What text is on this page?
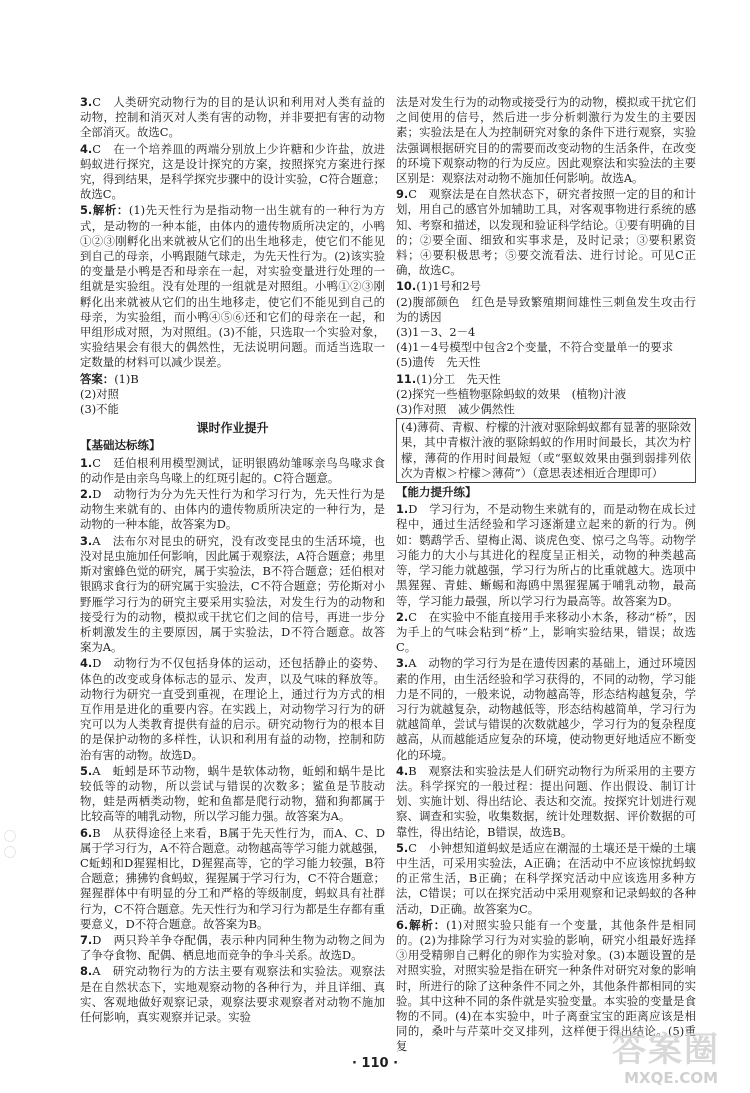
3.C　人类研究动物行为的目的是认识和利用对人类有益的动物，控制和消灭对人类有害的动物，并非要把有害的动物全部消灭。故选C。
4.C　在一个培养皿的两端分别放上少许糖和少许盐，放进蚂蚁进行探究，这是设计探究的方案，按照探究方案进行探究，得到结果，是科学探究步骤中的设计实验，C符合题意；故选C。
5.解析：(1)先天性行为是指动物一出生就有的一种行为方式，是动物的一种本能，由体内的遗传物质所决定的，小鸭①②③刚孵化出来就被从它们的出生地移走，使它们不能见到自己的母亲，小鸭跟随气球走，为先天性行为。(2)该实验的变量是小鸭是否和母亲在一起，对实验变量进行处理的一组就是实验组。没有处理的一组就是对照组。小鸭①②③刚孵化出来就被从它们的出生地移走，使它们不能见到自己的母亲，为实验组，而小鸭④⑤⑥还和它们的母亲在一起，和甲组形成对照，为对照组。(3)不能，只选取一个实验对象，实验结果会有很大的偶然性，无法说明问题。而适当选取一定数量的材料可以减少误差。
答案：(1)B

(2)对照

(3)不能

课时作业提升
【基础达标练】
1.C　廷伯根利用模型测试，证明银鸥幼雏啄亲鸟鸟喙求食的动作是由亲鸟鸟喙上的红斑引起的。C符合题意。
2.D　动物行为分为先天性行为和学习行为，先天性行为是动物生来就有的、由体内的遗传物质所决定的一种行为，是动物的一种本能，故答案为D。
3.A　法布尔对昆虫的研究，没有改变昆虫的生活环境，也没对昆虫施加任何影响，因此属于观察法，A符合题意；弗里斯对蜜蜂色觉的研究，属于实验法，B不符合题意；廷伯根对银鸥求食行为的研究属于实验法，C不符合题意；劳伦斯对小野雁学习行为的研究主要采用实验法，对发生行为的动物和接受行为的动物，模拟或干扰它们之间的信号，再进一步分析刺激发生的主要原因，属于实验法，D不符合题意。故答案为A。
4.D　动物行为不仅包括身体的运动，还包括静止的姿势、体色的改变或身体标志的显示、发声，以及气味的释放等。动物行为研究一直受到重视，在理论上，通过行为方式的相互作用是进化的重要内容。在实践上，对动物学习行为的研究可以为人类教育提供有益的启示。研究动物行为的根本目的是保护动物的多样性，认识和利用有益的动物，控制和防治有害的动物。故选D。
5.A　蚯蚓是环节动物，蜗牛是软体动物，蚯蚓和蜗牛是比较低等的动物，所以尝试与错误的次数多；鲨鱼是节肢动物，蛙是两栖类动物，蛇和鱼都是爬行动物，猫和狗都属于比较高等的哺乳动物，所以学习能力强。故答案为A。
6.B　从获得途径上来看，B属于先天性行为，而A、C、D属于学习行为，A不符合题意。动物越高等学习能力就越强，C蚯蚓和D猩猩相比，D猩猩高等，它的学习能力较强，B符合题意；狒狒钓食蚂蚁，猩猩属于学习行为，C不符合题意；猩猩群体中有明显的分工和严格的等级制度，蚂蚁具有社群行为，C不符合题意。先天性行为和学习行为都是生存都有重要意义，D不符合题意。故答案为B。
7.D　两只羚羊争夺配偶，表示种内同种生物为动物之间为了争夺食物、配偶、栖息地而竞争的争斗关系。故选D。
8.A　研究动物行为的方法主要有观察法和实验法。观察法是在自然状态下，实地观察动物的各种行为，并且详细、真实、客观地做好观察记录，观察法要求观察者对动物不施加任何影响，真实观察并记录。实验
法是对发生行为的动物或接受行为的动物，模拟或干扰它们之间使用的信号，然后进一步分析刺激行为发生的主要因素；实验法是在人为控制研究对象的条件下进行观察，实验法强调根据研究目的的需要而改变动物的生活条件，在改变的环境下观察动物的行为反应。因此观察法和实验法的主要区别是：观察法对动物不施加任何影响。故选A。
9.C　观察法是在自然状态下，研究者按照一定的目的和计划，用自己的感官外加辅助工具，对客观事物进行系统的感知、考察和描述，以发现和验证科学结论。①要有明确的目的；②要全面、细致和实事求是，及时记录；③要积累资料；④要积极思考；⑤要交流看法、进行讨论。可见C正确，故选C。
10.(1)1号和2号

(2)腹部颜色　红色是导致繁殖期间雄性三刺鱼发生攻击行为的诱因

(3)1－3、2－4

(4)1－4号模型中包含2个变量，不符合变量单一的要求

(5)遗传　先天性

11.(1)分工　先天性

(2)探究一些植物驱除蚂蚁的效果　(植物)汁液

(3)作对照　减少偶然性

(4)薄荷、青椒、柠檬的汁液对驱除蚂蚁都有显著的驱除效果，其中青椒汁液的驱除蚂蚁的作用时间最长，其次为柠檬，薄荷的作用时间最短（或“驱蚁效果由强到弱排列依次为青椒＞柠檬＞薄荷”）（意思表述相近合理即可）

【能力提升练】
1.D　学习行为，不是动物生来就有的，而是动物在成长过程中，通过生活经验和学习逐渐建立起来的新的行为。例如：鹦鹉学舌、望梅止渴、谈虎色变、惊弓之鸟等。动物学习能力的大小与其进化的程度呈正相关，动物的种类越高等，学习能力就越强，学习行为所占的比重就越大。选项中黑猩猩、青蛙、蜥蜴和海鸥中黑猩猩属于哺乳动物，最高等，学习能力最强，所以学习行为最高等。故答案为D。
2.C　在实验中不能直接用手来移动小木条，移动“桥”，因为手上的气味会粘到“桥”上，影响实验结果，错误；故选C。
3.A　动物的学习行为是在遗传因素的基础上，通过环境因素的作用，由生活经验和学习获得的，不同的动物，学习能力是不同的，一般来说，动物越高等，形态结构越复杂，学习行为就越复杂，动物越低等，形态结构越简单，学习行为就越简单，尝试与错误的次数就越少，学习行为的复杂程度越高，从而越能适应复杂的环境，使动物更好地适应不断变化的环境。
4.B　观察法和实验法是人们研究动物行为所采用的主要方法。科学探究的一般过程：提出问题、作出假设、制订计划、实施计划、得出结论、表达和交流。按探究计划进行观察、调查和实验，收集数据，统计处理数据、评价数据的可靠性，得出结论，B错误，故选B。
5.C　小钟想知道蚂蚁是适应在潮湿的土壤还是干燥的土壤中生活，可采用实验法，A正确；在活动中不应该惊扰蚂蚁的正常生活，B正确；在科学探究活动中应该选用多种方法，C错误；可以在探究活动中采用观察和记录蚂蚁的各种活动，D正确。故答案为C。
6.解析：(1)对照实验只能有一个变量，其他条件是相同的。(2)为排除学习行为对实验的影响，研究小组最好选择③用受精卵自己孵化的卵作为实验对象。(3)本题设置的是对照实验，对照实验是指在研究一种条件对研究对象的影响时，所进行的除了这种条件不同之外，其他条件都相同的实验。其中这种不同的条件就是实验变量。本实验的变量是食物的不同。(4)在本实验中，叶子离蚕宝宝的距离应该是相同的，桑叶与芹菜叶交叉排列，这样便于得出结论。(5)重复
· 110 ·	答案圈
MXQE.COM
